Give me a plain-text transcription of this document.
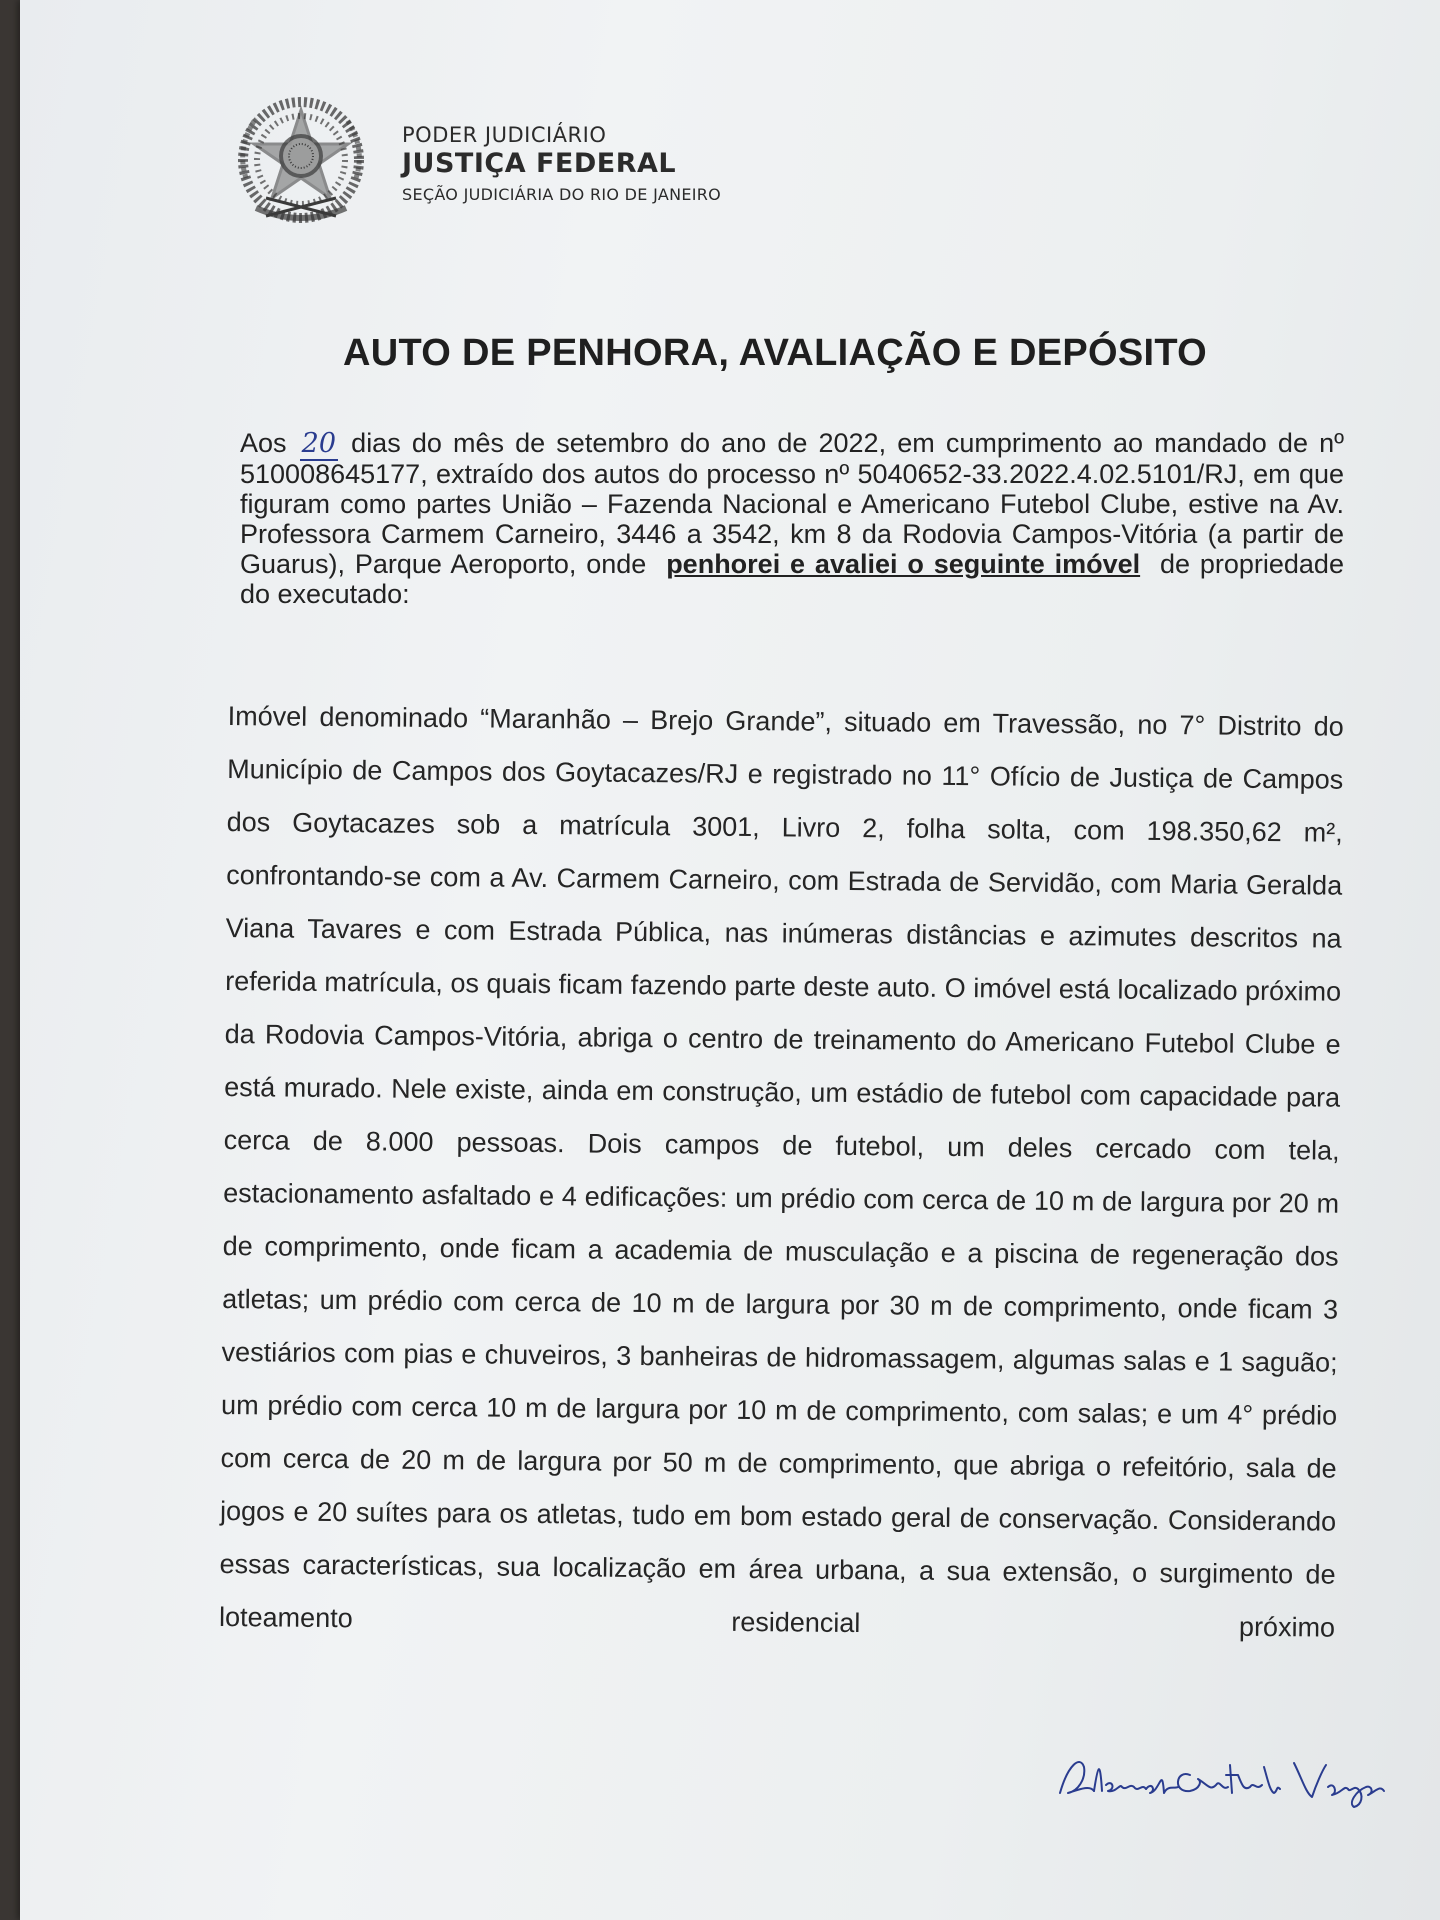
PODER JUDICIÁRIO
JUSTIÇA FEDERAL
SEÇÃO JUDICIÁRIA DO RIO DE JANEIRO
AUTO DE PENHORA, AVALIAÇÃO E DEPÓSITO
Aos 20 dias do mês de setembro do ano de 2022, em cumprimento ao mandado de nº 510008645177, extraído dos autos do processo nº 5040652-33.2022.4.02.5101/RJ, em que figuram como partes União – Fazenda Nacional e Americano Futebol Clube, estive na Av. Professora Carmem Carneiro, 3446 a 3542, km 8 da Rodovia Campos-Vitória (a partir de Guarus), Parque Aeroporto, onde penhorei e avaliei o seguinte imóvel de propriedade do executado:
Imóvel denominado “Maranhão – Brejo Grande”, situado em Travessão, no 7° Distrito do Município de Campos dos Goytacazes/RJ e registrado no 11° Ofício de Justiça de Campos dos Goytacazes sob a matrícula 3001, Livro 2, folha solta, com 198.350,62 m², confrontando-se com a Av. Carmem Carneiro, com Estrada de Servidão, com Maria Geralda Viana Tavares e com Estrada Pública, nas inúmeras distâncias e azimutes descritos na referida matrícula, os quais ficam fazendo parte deste auto. O imóvel está localizado próximo da Rodovia Campos-Vitória, abriga o centro de treinamento do Americano Futebol Clube e está murado. Nele existe, ainda em construção, um estádio de futebol com capacidade para cerca de 8.000 pessoas. Dois campos de futebol, um deles cercado com tela, estacionamento asfaltado e 4 edificações: um prédio com cerca de 10 m de largura por 20 m de comprimento, onde ficam a academia de musculação e a piscina de regeneração dos atletas; um prédio com cerca de 10 m de largura por 30 m de comprimento, onde ficam 3 vestiários com pias e chuveiros, 3 banheiras de hidromassagem, algumas salas e 1 saguão; um prédio com cerca 10 m de largura por 10 m de comprimento, com salas; e um 4° prédio com cerca de 20 m de largura por 50 m de comprimento, que abriga o refeitório, sala de jogos e 20 suítes para os atletas, tudo em bom estado geral de conservação. Considerando essas características, sua localização em área urbana, a sua extensão, o surgimento de loteamento residencial próximo
